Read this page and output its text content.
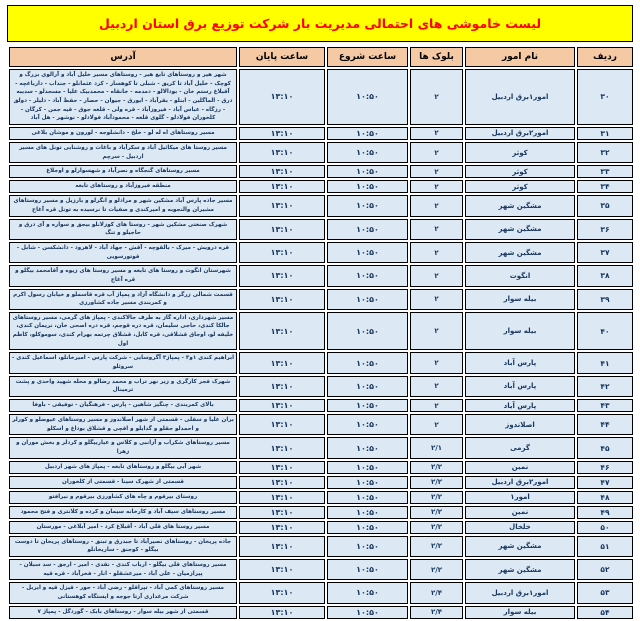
لیست خاموشی های احتمالی مدیریت بار شرکت توزیع برق استان اردبیل
ردیف	نام امور	بلوک ها	ساعت شروع	ساعت پایان	آدرس
۳۰	امور۱برق اردبیل	۲	۱۰:۵۰	۱۳:۱۰	شهر هیر و روستاهای تابع هیر - روستاهای مسیر خلیل آباد و آرالوی بزرگ و کوچک - خلیل آباد تا کریق - شبلی تا کوهسار - کرد عثمانلو - جنداب - دارباغچه - آقبلاغ رستم خان - بودالالو - دمدمه - خانقاه - محمدبیک علیا - مسجدلو - سدیبه درق - الماگلین - ابنلو - بقرآباد - ایورق - جیوان - حصار - حفظ آباد - دلیلر - دولق - رزگاه - عباس آباد - فیروزآباد - قره ولی - قلعه جوق - قیه جمن - کرگان - کلخوران فولادلو - گلوی قلعه - محمودآباد فولادلو - نوشهر - هل آباد
۳۱	امور۲برق اردبیل	۲	۱۰:۵۰	۱۳:۱۰	مسیر روستاهای اه له لو - خلخ - دانشلوجه - لورون و موشان بلاغی
۳۲	کوثر	۲	۱۰:۵۰	۱۳:۱۰	مسیر روستا های میکائیل آباد و سکرآباد و باغات و روشنایی تونل های مسیر اردبیل - سرچم
۳۳	کوثر	۲	۱۰:۵۰	۱۳:۱۰	مسیر روستاهای گنجگاه و نصرآباد و شهسوارلو و اوجلاغ
۳۴	کوثر	۲	۱۰:۵۰	۱۳:۱۰	منطقه فیروزآباد و روستاهای تابعه
۳۵	مشگین شهر	۲	۱۰:۵۰	۱۳:۱۰	مسیر جاده پارس آباد مشکین شهر و مرادلو و انگرلو و بارزیل و مسیر روستاهای مشیران والنجوبه و امیرکندی و صفیات تا نرسیده به تونل قره آغاج
۳۶	مشگین شهر	۲	۱۰:۵۰	۱۳:۱۰	شهرک صنعتی مشکین شهر - روستا های کوزلانلو بیجق و سواره و آی درق و حاجیلو و تنگ
۳۷	مشگین شهر	۲	۱۰:۵۰	۱۳:۱۰	قره درویش - میرک - بالقوچه - آقش - جهاد آباد - لاهرود - دانشکسن - شابل - قوتورسویی
۳۸	انگوت	۲	۱۰:۵۰	۱۳:۱۰	شهرستان انگوت و روستا های تابعه و مسیر روستا های زیوه و آقامحمد بیگلو و قره آغاج
۳۹	بیله سوار	۲	۱۰:۵۰	۱۳:۱۰	قسمت شمالی زرگر و دانشگاه آزاد و پمپاژ آب قره قاسملو و خیابان رسول اکرم و کمربندی مسیر جاده کشاورزی
۴۰	بیله سوار	۲	۱۰:۵۰	۱۳:۱۰	مسیر شهرداری، اداره گاز به طرف جالاکندی - پمپاژ های گرمی، مسیر روستاهای جالکا کندی، حاجی سلیمان، قره دره قوجم، قره دره اصحی خان، نریمان کندی، خلیفه لو، اوجاق قشلاقی، قره کابل، قشلاق چرتمه بهرام کندی، سوموکلو، کاظم اول
۴۱	پارس آباد	۲	۱۰:۵۰	۱۳:۱۰	ابراهیم کندی ۱و۳ - پمپاژ۳ آگروسایی - شرکت پارس - امیرخانلو، اسماعیل کندی - سروئلو
۴۲	پارس آباد	۲	۱۰:۵۰	۱۳:۱۰	شهرک فجر کارگری و زیر نهر تراب و محمد رضالو و محله شهید واحدی و پشت ترمینال
۴۳	پارس آباد	۲	۱۰:۵۰	۱۳:۱۰	بالای کمربندی - چنگیز شاهین - پارس - فرهنگیان - توفیقی - باوفا
۴۴	اصلاندوز	۲	۱۰:۵۰	۱۳:۱۰	بران علیا و سفلی - قسمتی از شهر اصلاندوز و مسیر روستاهای عیوضلو و کورلر و احمدلو جقلو و گدایلو و اقچی و قشلاق بوداغ و اسکلو
۴۵	گرمی	۲/۱	۱۰:۵۰	۱۳:۱۰	مسیر روستاهای شکراب و آزانبی و کلاس و عیاربیگلو و کردلر و بخش موران و زهرا
۴۶	نمین	۲/۲	۱۰:۵۰	۱۳:۱۰	شهر آبی بیگلو و روستاهای تابعه - پمپاژ های شهر اردبیل
۴۷	امور۲برق اردبیل	۲/۲	۱۰:۵۰	۱۳:۱۰	قسمتی از شهرک سینا - قسمتی از کلخوران
۴۸	امور۱	۲/۲	۱۰:۵۰	۱۳:۱۰	روستای بیرقوم و چاه های کشاورزی بیرقوم و نیرافتو
۴۹	نمین	۲/۲	۱۰:۵۰	۱۳:۱۰	مسیر روستاهای سیف آباد و کارخانه سیمان و کرده و کلانتری و فتح محمود
۵۰	خلخال	۲/۲	۱۰:۵۰	۱۳:۱۰	مسیر روستا های قلی آباد - آقبلاغ کرد - امیر آبلاغی - مورستان
۵۱	مشگین شهر	۲/۲	۱۰:۵۰	۱۳:۱۰	جاده پریخان - روستاهای نصیرآباد تا جبدرق و تبنق - روستاهای پریخان تا دوست بیگلو - کوجنق - ساریخانلو
۵۲	مشگین شهر	۲/۲	۱۰:۵۰	۱۳:۱۰	مسیر روستاهای قلی بیگلو - ارباب کندی - نقدی - امیر - ارجق - سد سبلان - پیرازمیان - علی آباد - میرعشقلو - انار - فخرآباد - قره قیه
۵۳	امور۱برق اردبیل	۲/۴	۱۰:۵۰	۱۳:۱۰	مسیر روستاهای کمی آباد - تپراقلو - رضی آباد - حور - قیزل قیه و ایربل - شرکت مرغداری آرتا جوجه و ایستگاه کوهستانی
۵۴	بیله سوار	۲/۴	۱۰:۵۰	۱۳:۱۰	قسمتی از شهر بیله سوار - روستاهای بابک - گوردگل - پمپاژ ۷
